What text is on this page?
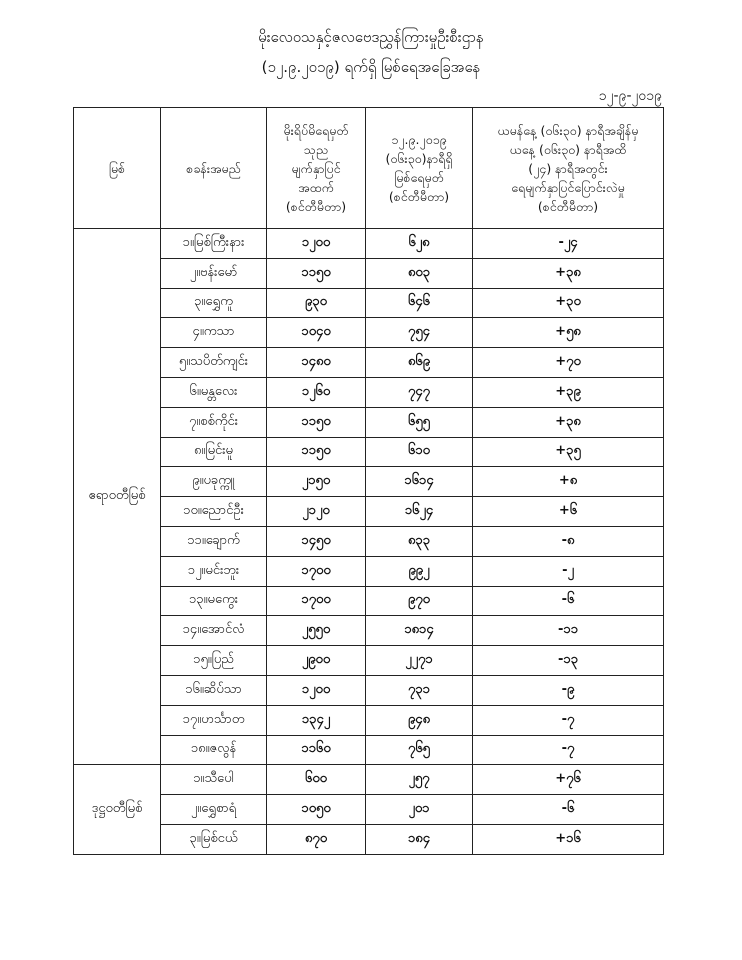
မိုးလေဝသနှင့်ဇလဗေဒညွှန်ကြားမှုဦးစီးဌာန
(၁၂.၉.၂၀၁၉) ရက်ရှိ မြစ်ရေအခြေအနေ
၁၂-၉-၂၀၁၉
မြစ်	စခန်းအမည်	မိုးရိပ်မိရေမှတ်
သုည
မျက်နှာပြင်
အထက်
(စင်တီမီတာ)	၁၂.၉.၂၀၁၉
(၀၆း၃၀)နာရီရှိ
မြစ်ရေမှတ်
(စင်တီမီတာ)	ယမန်နေ့ (၀၆း၃၀) နာရီအချိန်မှ
ယနေ့ (၀၆း၃၀) နာရီအထိ
(၂၄) နာရီအတွင်း
ရေမျက်နှာပြင်ပြောင်းလဲမှု
(စင်တီမီတာ)
ဧရာဝတီမြစ်	၁။မြစ်ကြီးနား	၁၂၀၀	၆၂၈	-၂၄
	၂။ဗန်းမော်	၁၁၅၀	၈၀၃	+၃၈
	၃။ရွှေကူ	၉၃၀	၆၄၆	+၃၀
	၄။ကသာ	၁၀၄၀	၇၅၄	+၅၈
	၅။သပိတ်ကျင်း	၁၄၈၀	၈၆၉	+၇၀
	၆။မန္တလေး	၁၂၆၀	၇၄၇	+၃၉
	၇။စစ်ကိုင်း	၁၁၅၀	၆၅၅	+၃၈
	၈။မြင်းမူ	၁၁၅၀	၆၁၀	+၃၅
	၉။ပခုက္ကူ	၂၁၅၀	၁၆၁၄	+၈
	၁၀။ညောင်ဦး	၂၁၂၀	၁၆၂၄	+၆
	၁၁။ချောက်	၁၄၅၀	၈၃၃	-၈
	၁၂။မင်းဘူး	၁၇၀၀	၉၉၂	-၂
	၁၃။မကွေး	၁၇၀၀	၉၇၀	-၆
	၁၄။အောင်လံ	၂၅၅၀	၁၈၁၄	-၁၁
	၁၅။ပြည်	၂၉၀၀	၂၂၇၁	-၁၃
	၁၆။ဆိပ်သာ	၁၂၀၀	၇၃၁	-၉
	၁၇။ဟင်္သာတ	၁၃၄၂	၉၄၈	-၇
	၁၈။ဇလွန်	၁၁၆၀	၇၆၅	-၇
ဒုဋ္ဌဝတီမြစ်	၁။သီပေါ	၆၀၀	၂၅၇	+၇၆
	၂။ရွှေစာရံ	၁၀၅၀	၂၀၁	-၆
	၃။မြစ်ငယ်	၈၇၀	၁၈၄	+၁၆
